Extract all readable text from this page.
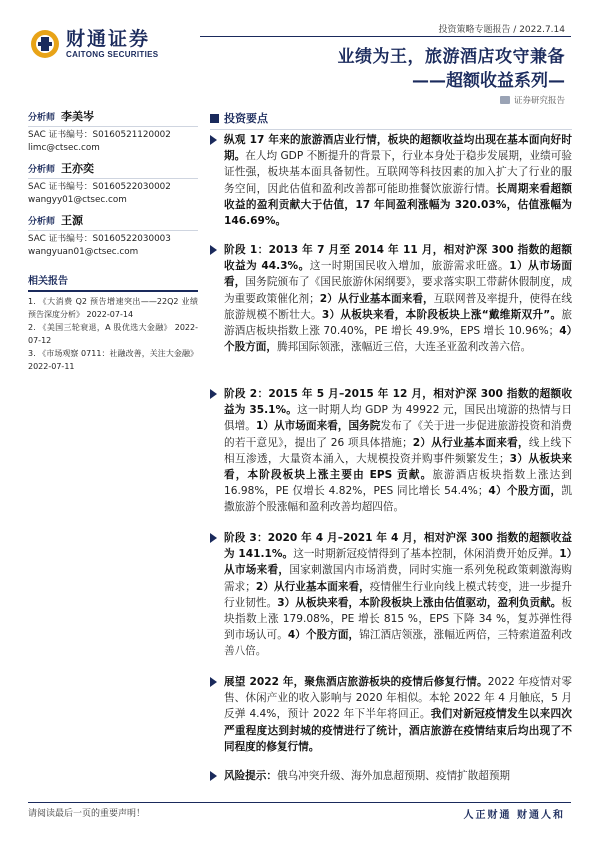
财通证券
CAITONG SECURITIES
投资策略专题报告 / 2022.7.14
业绩为王，旅游酒店攻守兼备
——超额收益系列—
证券研究报告
分析师 李美岑
SAC 证书编号：S0160521120002
limc@ctsec.com
分析师 王亦奕
SAC 证书编号：S0160522030002
wangyy01@ctsec.com
分析师 王源
SAC 证书编号：S0160522030003
wangyuan01@ctsec.com
相关报告
1. 《大消费 Q2 预告增速突出——22Q2 业绩预告深度分析》 2022-07-14
2. 《美国三轮衰退，A 股优选大金融》 2022-07-12
3. 《市场观察 0711：社融改善，关注大金融》 2022-07-11
投资要点
纵观 17 年来的旅游酒店业行情，板块的超额收益均出现在基本面向好时期。在人均 GDP 不断提升的背景下，行业本身处于稳步发展期，业绩可验证性强，板块基本面具备韧性。互联网等科技因素的加入扩大了行业的服务空间，因此估值和盈利改善都可能助推餐饮旅游行情。长周期来看超额收益的盈利贡献大于估值，17 年间盈利涨幅为 320.03%，估值涨幅为 146.69%。
阶段 1：2013 年 7 月至 2014 年 11 月，相对沪深 300 指数的超额收益为 44.3%。这一时期国民收入增加，旅游需求旺盛。1）从市场面看，国务院颁布了《国民旅游休闲纲要》，要求落实职工带薪休假制度，成为重要政策催化剂；2）从行业基本面来看，互联网普及率提升，使得在线旅游规模不断壮大。3）从板块来看，本阶段板块上涨“戴维斯双升”。旅游酒店板块指数上涨 70.40%，PE 增长 49.9%，EPS 增长 10.96%；4）个股方面，腾邦国际领涨，涨幅近三倍，大连圣亚盈利改善六倍。
阶段 2：2015 年 5 月–2015 年 12 月，相对沪深 300 指数的超额收益为 35.1%。这一时期人均 GDP 为 49922 元，国民出境游的热情与日俱增。1）从市场面来看，国务院发布了《关于进一步促进旅游投资和消费的若干意见》，提出了 26 项具体措施；2）从行业基本面来看，线上线下相互渗透，大量资本涌入，大规模投资并购事件频繁发生；3）从板块来看，本阶段板块上涨主要由 EPS 贡献。旅游酒店板块指数上涨达到 16.98%，PE 仅增长 4.82%，PES 同比增长 54.4%；4）个股方面，凯撒旅游个股涨幅和盈利改善均超四倍。
阶段 3：2020 年 4 月–2021 年 4 月，相对沪深 300 指数的超额收益为 141.1%。这一时期新冠疫情得到了基本控制，休闲消费开始反弹。1）从市场来看，国家刺激国内市场消费，同时实施一系列免税政策刺激海购需求；2）从行业基本面来看，疫情催生行业向线上模式转变，进一步提升行业韧性。3）从板块来看，本阶段板块上涨由估值驱动，盈利负贡献。板块指数上涨 179.08%，PE 增长 815 %，EPS 下降 34 %，复苏弹性得到市场认可。4）个股方面，锦江酒店领涨，涨幅近两倍，三特索道盈利改善八倍。
展望 2022 年，聚焦酒店旅游板块的疫情后修复行情。2022 年疫情对零售、休闲产业的收入影响与 2020 年相似。本轮 2022 年 4 月触底，5 月反弹 4.4%，预计 2022 年下半年将回正。我们对新冠疫情发生以来四次严重程度达到封城的疫情进行了统计，酒店旅游在疫情结束后均出现了不同程度的修复行情。
风险提示：俄乌冲突升级、海外加息超预期、疫情扩散超预期
请阅读最后一页的重要声明！	人正财通 财通人和
